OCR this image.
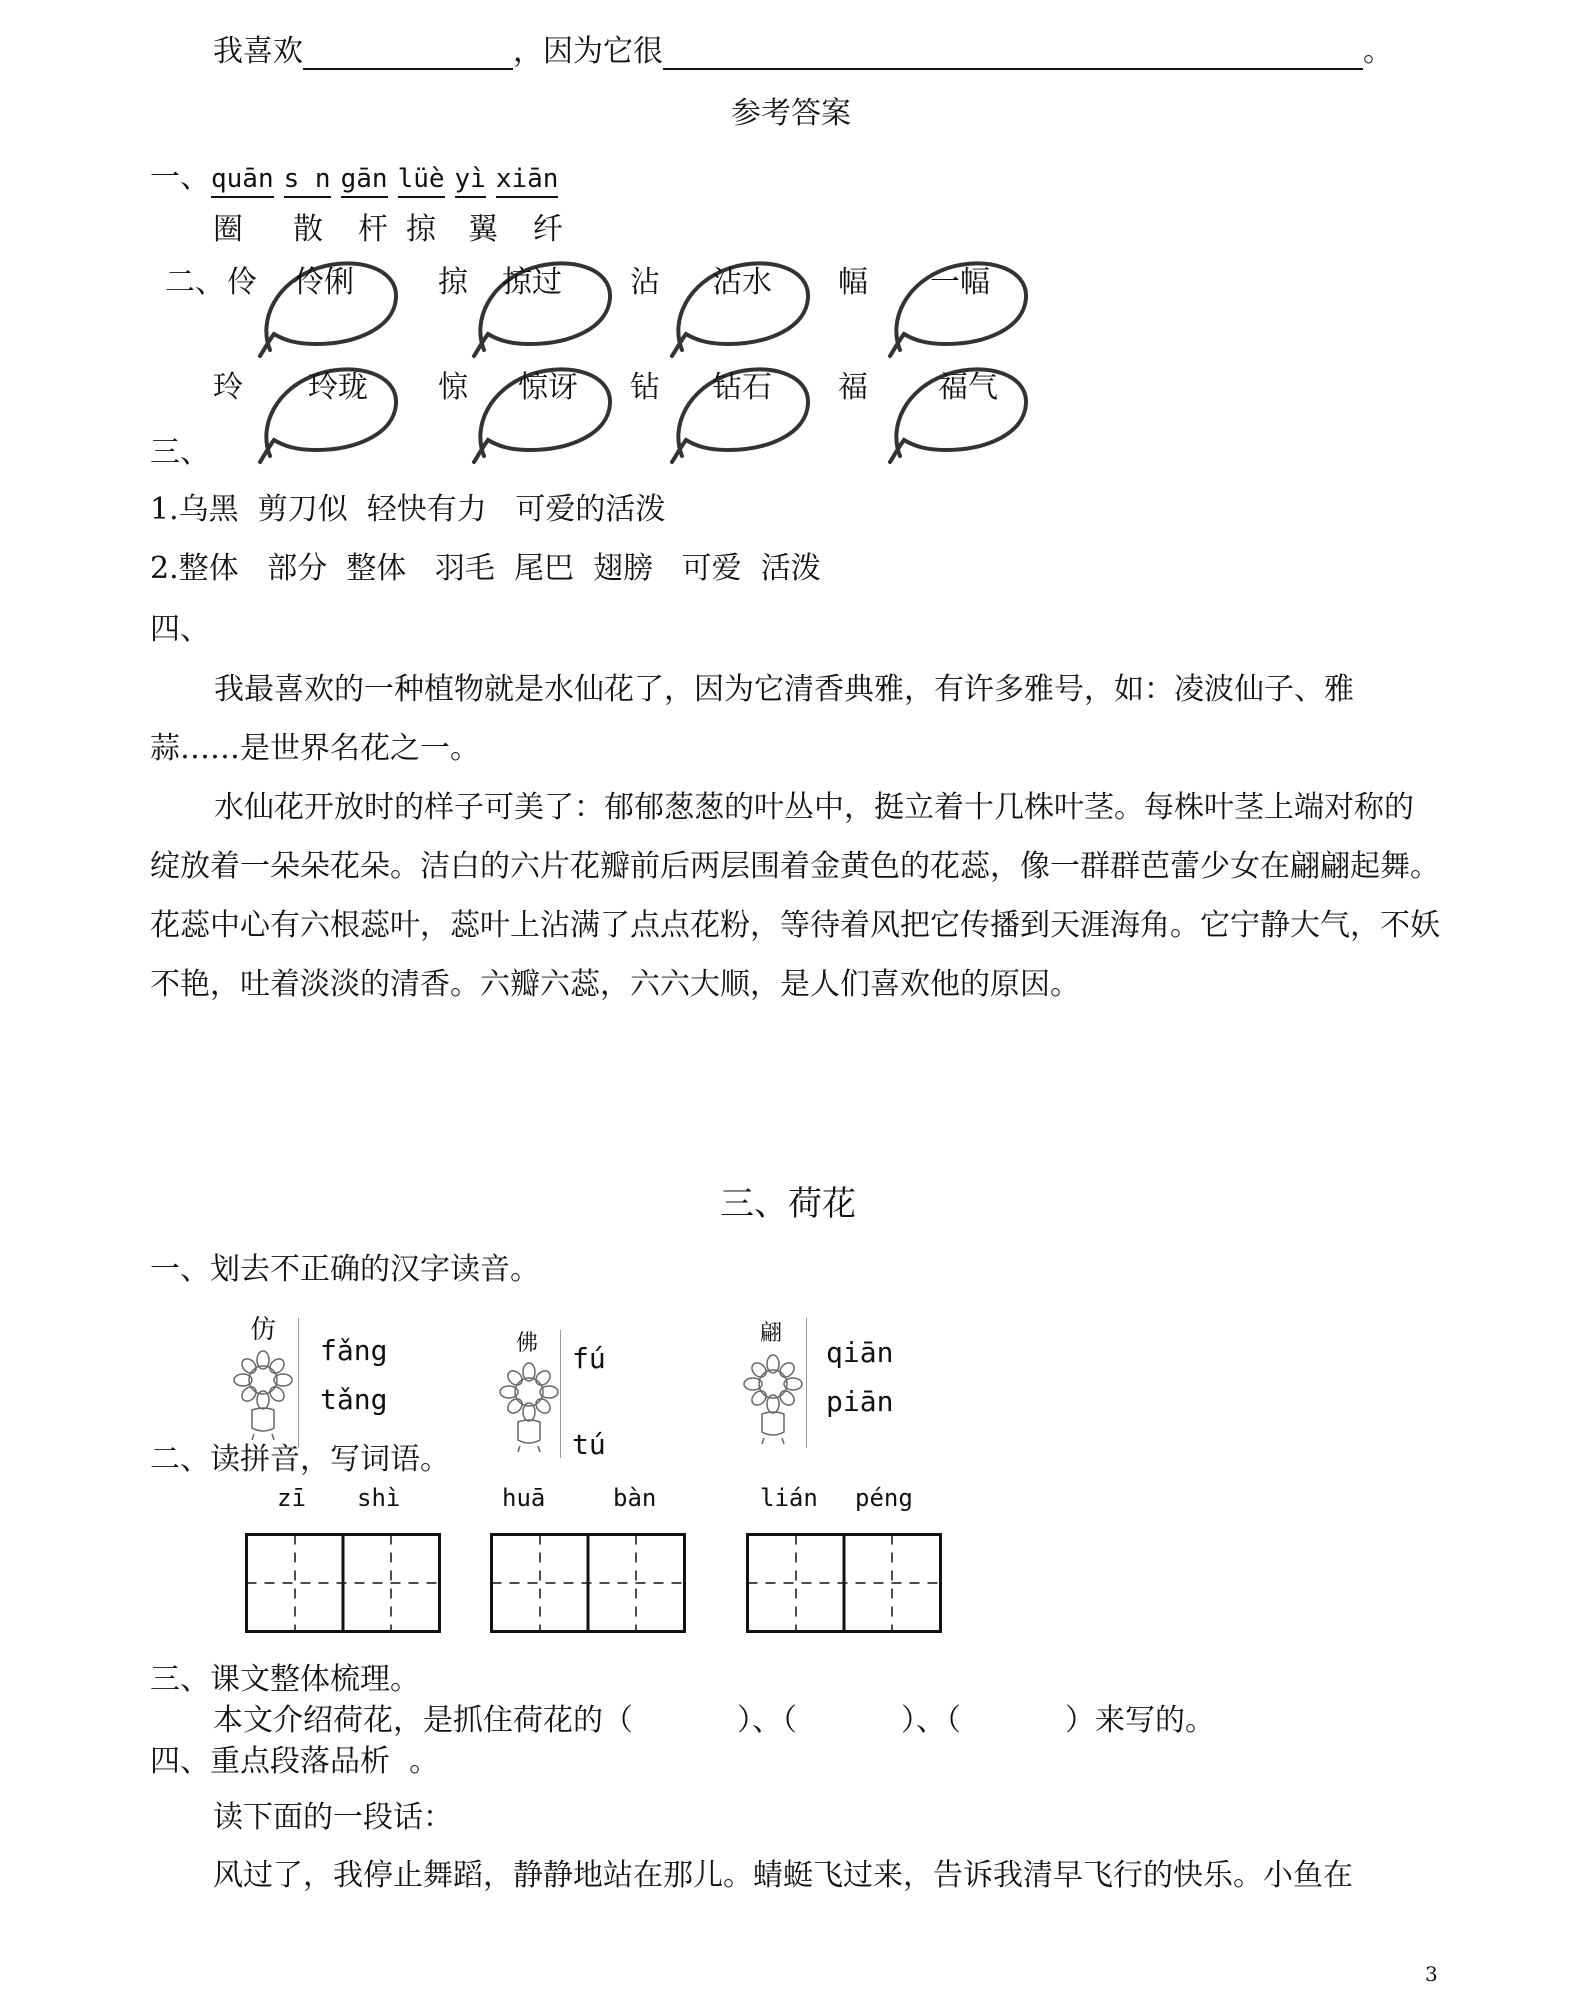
我喜欢	，因为它很	。
参考答案
一、 quān s n gān lüè yì xiān
圈 散 杆 掠 翼 纤
二、 伶 伶俐	掠 掠过 沾 沾水 幅 一幅
玲 玲珑 惊 惊讶 钻 钻石 福 福气
三、
1.乌黑  剪刀似  轻快有力   可爱的活泼
2.整体   部分  整体   羽毛  尾巴  翅膀   可爱  活泼
四、
我最喜欢的一种植物就是水仙花了，因为它清香典雅，有许多雅号，如：凌波仙子、雅蒜……是世界名花之一。
水仙花开放时的样子可美了：郁郁葱葱的叶丛中，挺立着十几株叶茎。每株叶茎上端对称的绽放着一朵朵花朵。洁白的六片花瓣前后两层围着金黄色的花蕊，像一群群芭蕾少女在翩翩起舞。花蕊中心有六根蕊叶，蕊叶上沾满了点点花粉，等待着风把它传播到天涯海角。它宁静大气，不妖不艳，吐着淡淡的清香。六瓣六蕊，六六大顺，是人们喜欢他的原因。
三、荷花
一、划去不正确的汉字读音。
仿
fǎng
tǎng
佛 fú
tú
翩
qiān
piān
二、读拼音，写词语。
zī shì	huā	bàn	lián péng
三、课文整体梳理。
本文介绍荷花，是抓住荷花的（	）、（	）、（	）来写的。
四、重点段落品析  。
读下面的一段话：
风过了，我停止舞蹈，静静地站在那儿。蜻蜓飞过来，告诉我清早飞行的快乐。小鱼在
3
